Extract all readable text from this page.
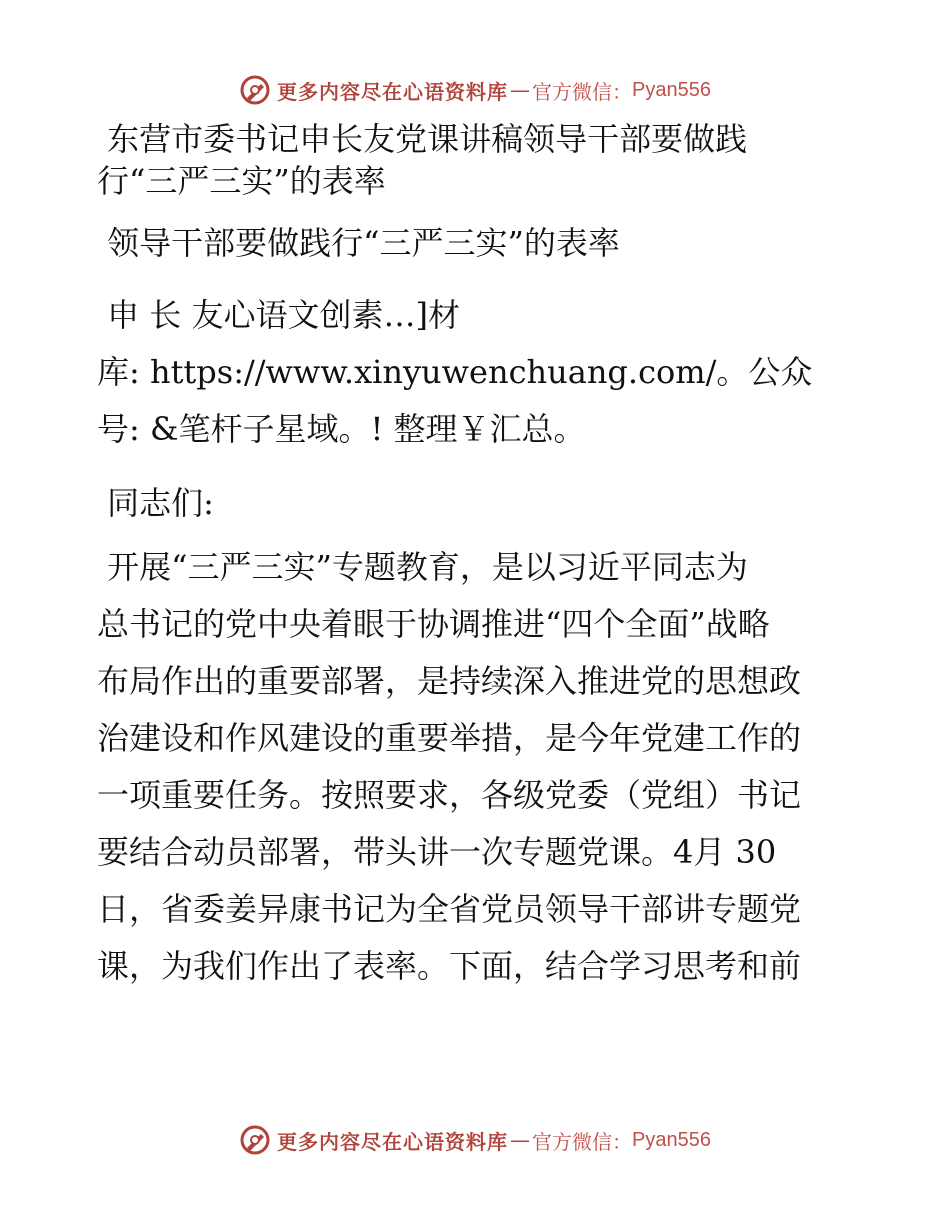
更多内容尽在心语资料库 — 官方微信： Pyan556

东营市委书记申长友党课讲稿领导干部要做践

行“三严三实”的表率

领导干部要做践行“三严三实”的表率

申 长 友心语文创素…]材

库: https://www.xinyuwenchuang.com/。公众

号: &笔杆子星域。! 整理￥汇总。

同志们:

开展“三严三实”专题教育，是以习近平同志为

总书记的党中央着眼于协调推进“四个全面”战略

布局作出的重要部署，是持续深入推进党的思想政

治建设和作风建设的重要举措，是今年党建工作的

一项重要任务。按照要求，各级党委（党组）书记

要结合动员部署，带头讲一次专题党课。4月 30

日，省委姜异康书记为全省党员领导干部讲专题党

课，为我们作出了表率。下面，结合学习思考和前

更多内容尽在心语资料库 — 官方微信： Pyan556
